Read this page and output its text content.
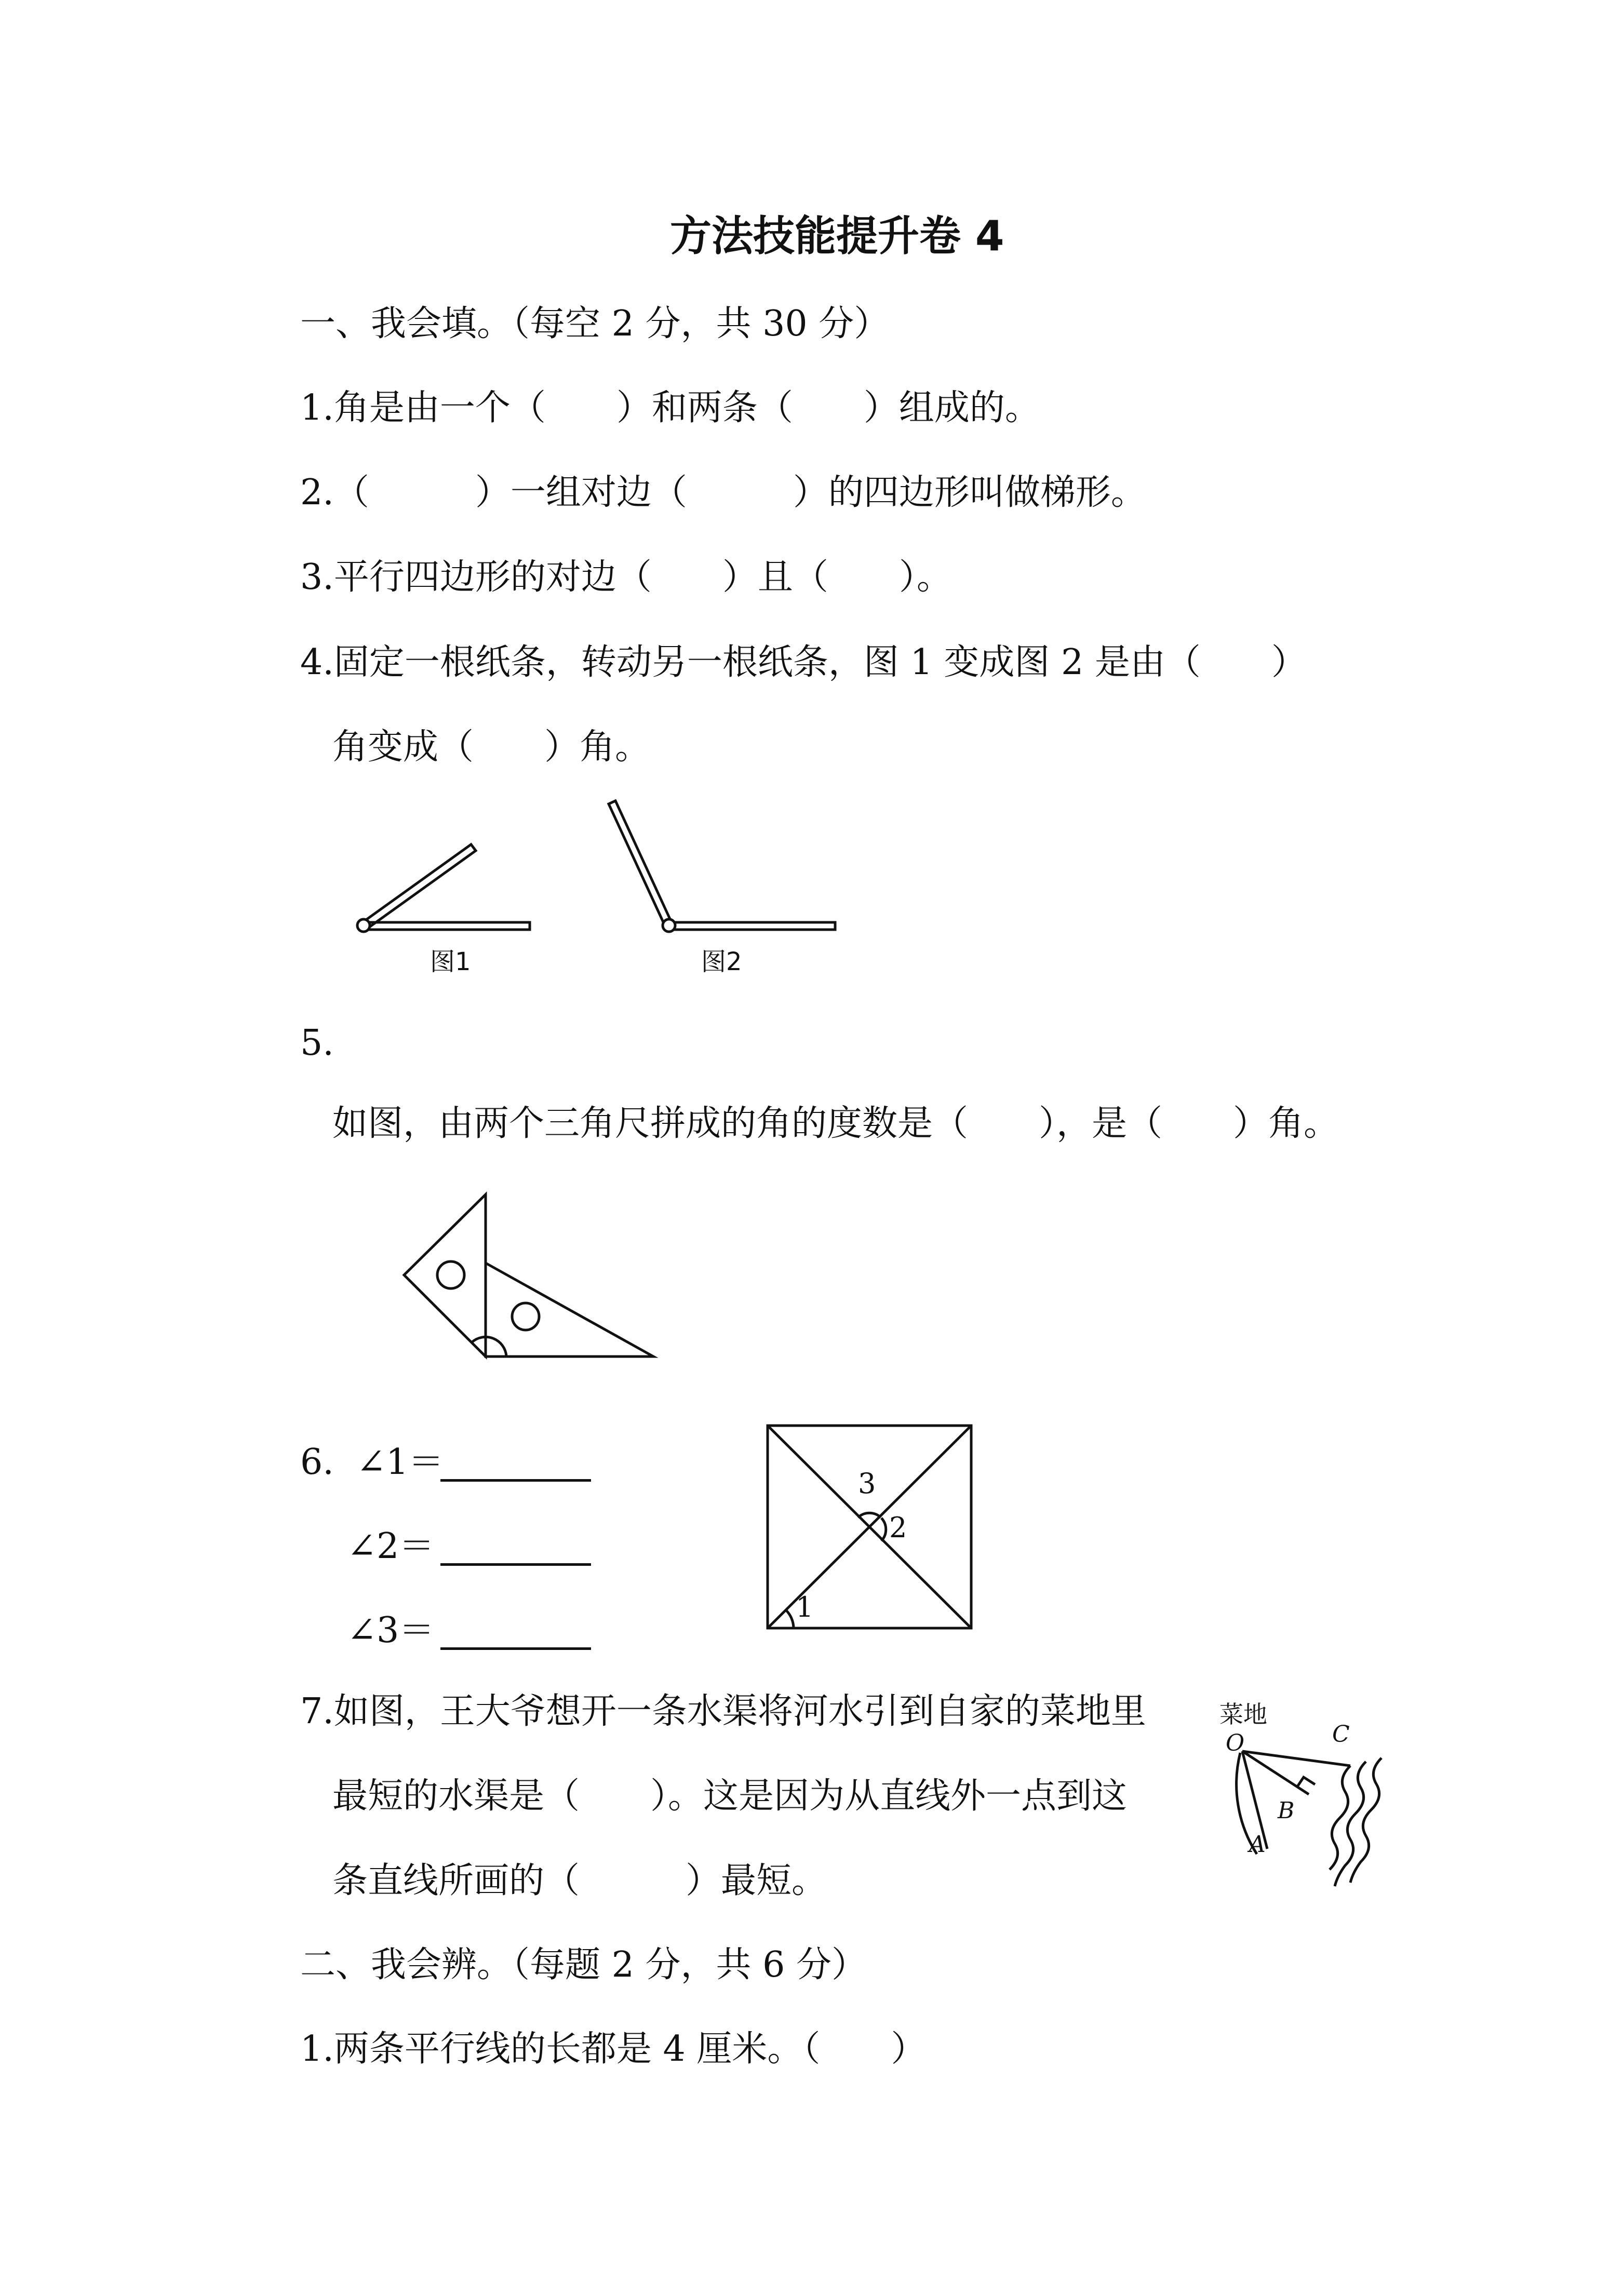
方法技能提升卷 4
一、我会填。（每空 2 分，共 30 分）
1.角是由一个（　　）和两条（　　）组成的。
2.（　　　）一组对边（　　　）的四边形叫做梯形。
3.平行四边形的对边（　　）且（　　）。
4.固定一根纸条，转动另一根纸条，图 1 变成图 2 是由（　　）
角变成（　　）角。
图1	图2
5.
如图，由两个三角尺拼成的角的度数是（　　），是（　　）角。
6.  ∠1＝
∠2＝
∠3＝
3
2
1
7.如图，王大爷想开一条水渠将河水引到自家的菜地里
最短的水渠是（　　）。这是因为从直线外一点到这
条直线所画的（　　　）最短。
菜地
O	C
B
A
二、我会辨。（每题 2 分，共 6 分）
1.两条平行线的长都是 4 厘米。（　　）
